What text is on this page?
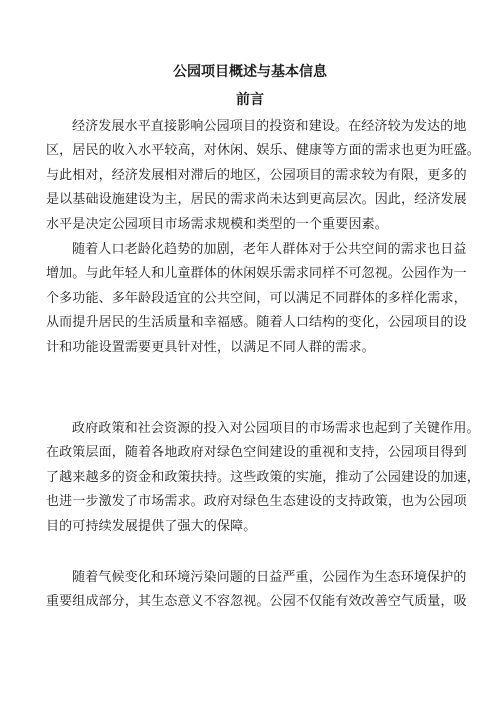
公园项目概述与基本信息
前言
经济发展水平直接影响公园项目的投资和建设。在经济较为发达的地
区，居民的收入水平较高，对休闲、娱乐、健康等方面的需求也更为旺盛。
与此相对，经济发展相对滞后的地区，公园项目的需求较为有限，更多的
是以基础设施建设为主，居民的需求尚未达到更高层次。因此，经济发展
水平是决定公园项目市场需求规模和类型的一个重要因素。
随着人口老龄化趋势的加剧，老年人群体对于公共空间的需求也日益
增加。与此年轻人和儿童群体的休闲娱乐需求同样不可忽视。公园作为一
个多功能、多年龄段适宜的公共空间，可以满足不同群体的多样化需求，
从而提升居民的生活质量和幸福感。随着人口结构的变化，公园项目的设
计和功能设置需要更具针对性，以满足不同人群的需求。
政府政策和社会资源的投入对公园项目的市场需求也起到了关键作用。
在政策层面，随着各地政府对绿色空间建设的重视和支持，公园项目得到
了越来越多的资金和政策扶持。这些政策的实施，推动了公园建设的加速，
也进一步激发了市场需求。政府对绿色生态建设的支持政策，也为公园项
目的可持续发展提供了强大的保障。
随着气候变化和环境污染问题的日益严重，公园作为生态环境保护的
重要组成部分，其生态意义不容忽视。公园不仅能有效改善空气质量，吸
